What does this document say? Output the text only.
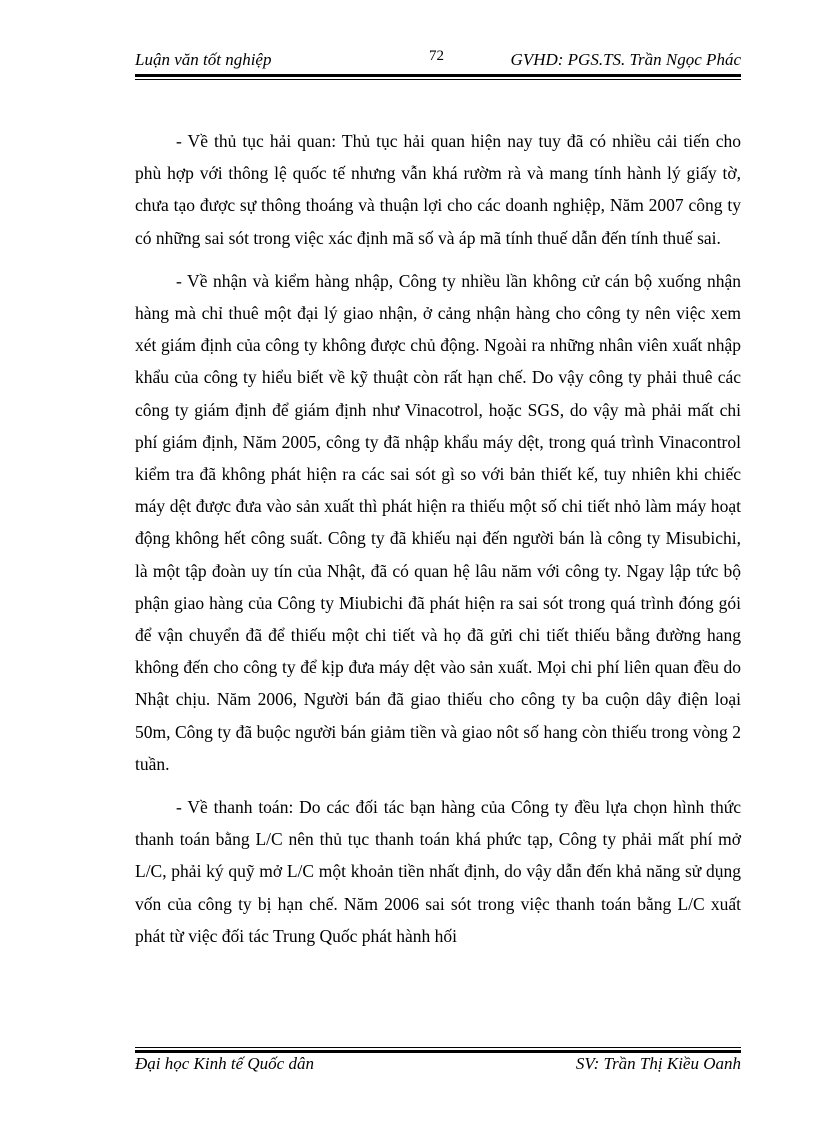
Luận văn tốt nghiệp	72	GVHD: PGS.TS. Trần Ngọc Phác

- Về thủ tục hải quan: Thủ tục hải quan hiện nay tuy đã có nhiều cải tiến cho phù hợp với thông lệ quốc tế nhưng vẫn khá rườm rà và mang tính hành lý giấy tờ, chưa tạo được sự thông thoáng và thuận lợi cho các doanh nghiệp, Năm 2007 công ty có những sai sót trong việc xác định mã số và áp mã tính thuế dẫn đến tính thuế sai.

- Về nhận và kiểm hàng nhập, Công ty nhiều lần không cử cán bộ xuống nhận hàng mà chỉ thuê một đại lý giao nhận, ở cảng nhận hàng cho công ty nên việc xem xét giám định của công ty không được chủ động. Ngoài ra những nhân viên xuất nhập khẩu của công ty hiểu biết về kỹ thuật còn rất hạn chế. Do vậy công ty phải thuê các công ty giám định để giám định như Vinacotrol, hoặc SGS, do vậy mà phải mất chi phí giám định, Năm 2005, công ty đã nhập khẩu máy dệt, trong quá trình Vinacontrol kiểm tra đã không phát hiện ra các sai sót gì so với bản thiết kế, tuy nhiên khi chiếc máy dệt được đưa vào sản xuất thì phát hiện ra thiếu một số chi tiết nhỏ làm máy hoạt động không hết công suất. Công ty đã khiếu nại đến người bán là công ty Misubichi, là một tập đoàn uy tín của Nhật, đã có quan hệ lâu năm với công ty. Ngay lập tức bộ phận giao hàng của Công ty Miubichi đã phát hiện ra sai sót trong quá trình đóng gói để vận chuyển đã để thiếu một chi tiết và họ đã gửi chi tiết thiếu bằng đường hang không đến cho công ty để kịp đưa máy dệt vào sản xuất. Mọi chi phí liên quan đều do Nhật chịu. Năm 2006, Người bán đã giao thiếu cho công ty ba cuộn dây điện loại 50m, Công ty đã buộc người bán giảm tiền và giao nôt số hang còn thiếu trong vòng 2 tuần.

- Về thanh toán: Do các đối tác bạn hàng của Công ty đều lựa chọn hình thức thanh toán bằng L/C nên thủ tục thanh toán khá phức tạp, Công ty phải mất phí mở L/C, phải ký quỹ mở L/C một khoản tiền nhất định, do vậy dẫn đến khả năng sử dụng vốn của công ty bị hạn chế. Năm 2006 sai sót trong việc thanh toán bằng L/C xuất phát từ việc đối tác Trung Quốc phát hành hối

Đại học Kinh tế Quốc dân	SV: Trần Thị Kiều Oanh
